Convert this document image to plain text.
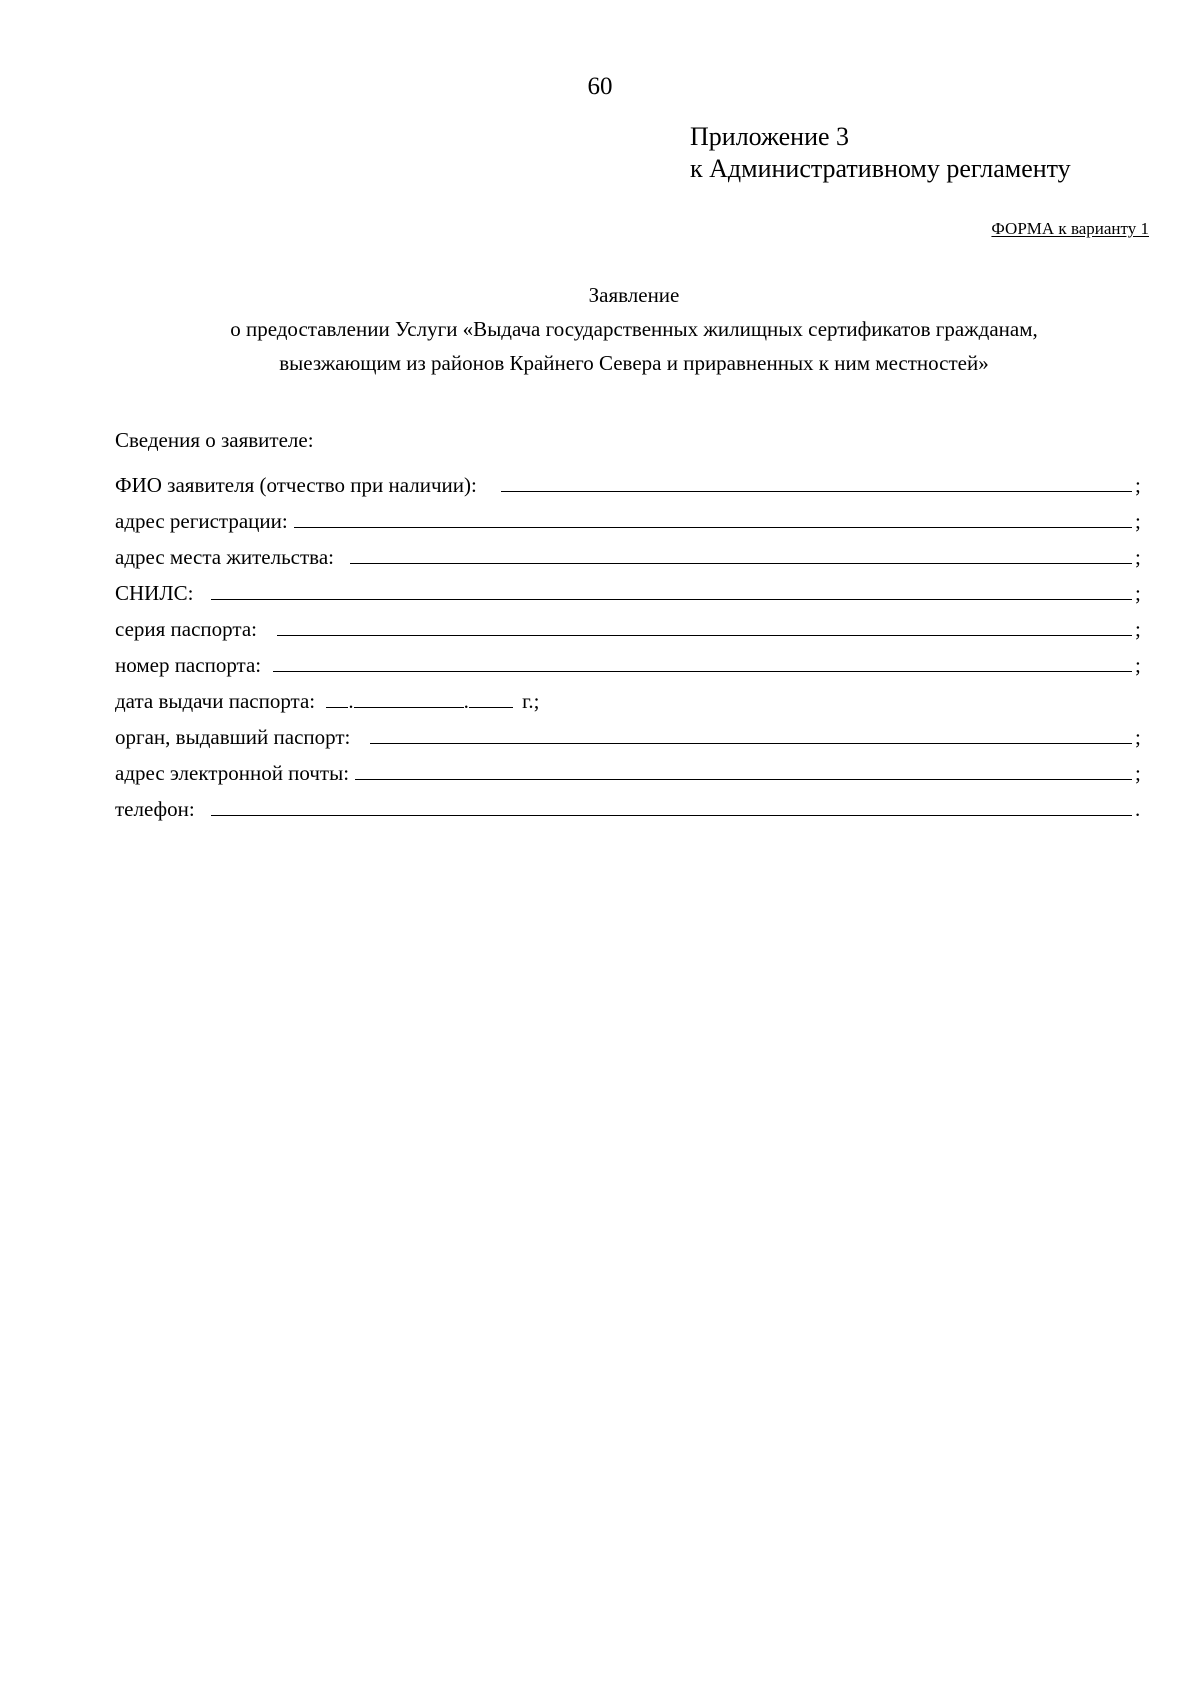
60
Приложение 3
к Административному регламенту
ФОРМА к варианту 1
Заявление
о предоставлении Услуги «Выдача государственных жилищных сертификатов гражданам,
выезжающим из районов Крайнего Севера и приравненных к ним местностей»
Сведения о заявителе:
ФИО заявителя (отчество при наличии):	;
адрес регистрации:	;
адрес места жительства:	;
СНИЛС:	;
серия паспорта:	;
номер паспорта:	;
дата выдачи паспорта: .	.	г.;
орган, выдавший паспорт:	;
адрес электронной почты:	;
телефон:	.
